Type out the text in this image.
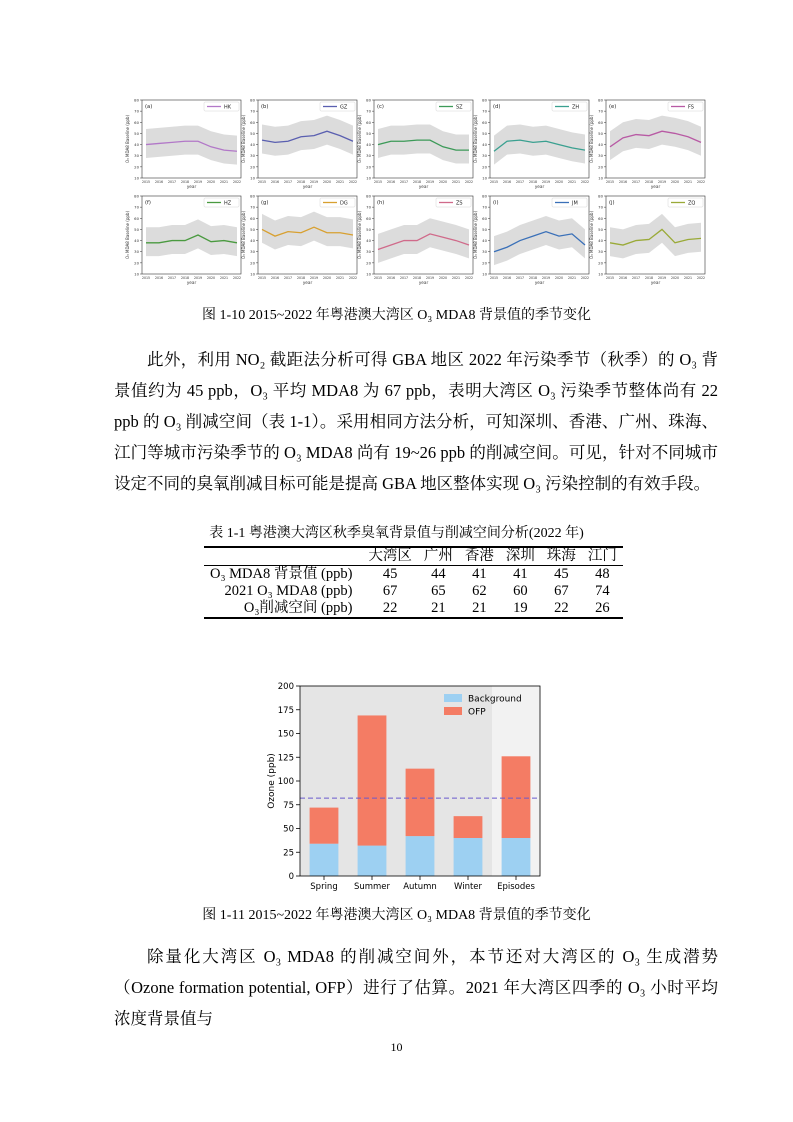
10
20
30
40
50
60
70
80
2015 2016 2017 2018 2019 2020 2021 2022
year
O₃ MDA8 Baseline (ppb)
(a)	HK
10
20
30
40
50
60
70
80
2015 2016 2017 2018 2019 2020 2021 2022
year
O₃ MDA8 Baseline (ppb)
(b)	GZ
10
20
30
40
50
60
70
80
2015 2016 2017 2018 2019 2020 2021 2022
year
O₃ MDA8 Baseline (ppb)
(c)	SZ
10
20
30
40
50
60
70
80
2015 2016 2017 2018 2019 2020 2021 2022
year
O₃ MDA8 Baseline (ppb)
(d)	ZH
10
20
30
40
50
60
70
80
2015 2016 2017 2018 2019 2020 2021 2022
year
O₃ MDA8 Baseline (ppb)
(e)	FS
10
20
30
40
50
60
70
80
2015 2016 2017 2018 2019 2020 2021 2022
year
O₃ MDA8 Baseline (ppb)
(f)	HZ
10
20
30
40
50
60
70
80
2015 2016 2017 2018 2019 2020 2021 2022
year
O₃ MDA8 Baseline (ppb)
(g)	DG
10
20
30
40
50
60
70
80
2015 2016 2017 2018 2019 2020 2021 2022
year
O₃ MDA8 Baseline (ppb)
(h)	ZS
10
20
30
40
50
60
70
80
2015 2016 2017 2018 2019 2020 2021 2022
year
O₃ MDA8 Baseline (ppb)
(i)	JM
10
20
30
40
50
60
70
80
2015 2016 2017 2018 2019 2020 2021 2022
year
O₃ MDA8 Baseline (ppb)
(j)	ZQ
图 1-10 2015~2022 年粤港澳大湾区 O₃ MDA8 背景值的季节变化

此外，利用 NO₂ 截距法分析可得 GBA 地区 2022 年污染季节（秋季）的 O₃ 背景值约为 45 ppb，O₃ 平均 MDA8 为 67 ppb，表明大湾区 O₃ 污染季节整体尚有 22 ppb 的 O₃ 削减空间（表 1-1）。采用相同方法分析，可知深圳、香港、广州、珠海、江门等城市污染季节的 O₃ MDA8 尚有 19~26 ppb 的削减空间。可见，针对不同城市设定不同的臭氧削减目标可能是提高 GBA 地区整体实现 O₃ 污染控制的有效手段。

表 1-1 粤港澳大湾区秋季臭氧背景值与削减空间分析(2022 年)
	大湾区	广州	香港	深圳	珠海	江门
O₃ MDA8 背景值 (ppb)	45	44	41	41	45	48
2021 O₃ MDA8 (ppb)	67	65	62	60	67	74
O₃削减空间 (ppb)	22	21	21	19	22	26
0
25
50
75
100
125
150
175
200
Spring Summer Autumn Winter Episodes
Ozone (ppb)
Background
OFP
图 1-11 2015~2022 年粤港澳大湾区 O₃ MDA8 背景值的季节变化

除量化大湾区 O₃ MDA8 的削减空间外，本节还对大湾区的 O₃ 生成潜势（Ozone formation potential, OFP）进行了估算。2021 年大湾区四季的 O₃ 小时平均浓度背景值与

10
